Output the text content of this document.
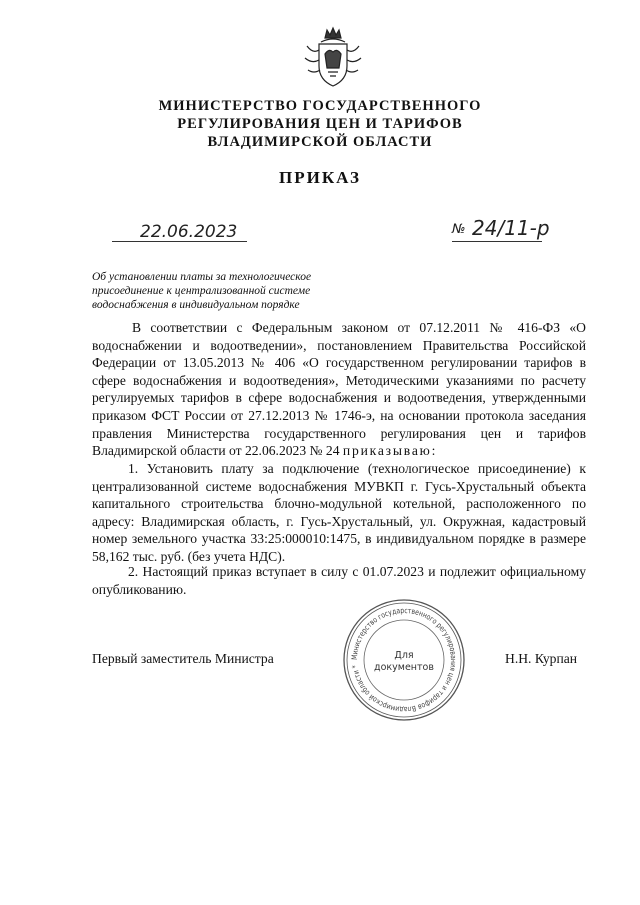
МИНИСТЕРСТВО ГОСУДАРСТВЕННОГО
РЕГУЛИРОВАНИЯ ЦЕН И ТАРИФОВ
ВЛАДИМИРСКОЙ ОБЛАСТИ
ПРИКАЗ
22.06.2023	№ 24/11-р
Об установлении платы за технологическое
присоединение к централизованной системе
водоснабжения в индивидуальном порядке
В соответствии с Федеральным законом от 07.12.2011 № 416-ФЗ «О водоснабжении и водоотведении», постановлением Правительства Российской Федерации от 13.05.2013 № 406 «О государственном регулировании тарифов в сфере водоснабжения и водоотведения», Методическими указаниями по расчету регулируемых тарифов в сфере водоснабжения и водоотведения, утвержденными приказом ФСТ России от 27.12.2013 № 1746-э, на основании протокола заседания правления Министерства государственного регулирования цен и тарифов Владимирской области от 22.06.2023 № 24 приказываю:
1. Установить плату за подключение (технологическое присоединение) к централизованной системе водоснабжения МУВКП г. Гусь-Хрустальный объекта капитального строительства блочно-модульной котельной, расположенного по адресу: Владимирская область, г. Гусь-Хрустальный, ул. Окружная, кадастровый номер земельного участка 33:25:000010:1475, в индивидуальном порядке в размере 58,162 тыс. руб. (без учета НДС).
2. Настоящий приказ вступает в силу с 01.07.2023 и подлежит официальному опубликованию.
Первый заместитель Министра	Н.Н. Курпан
Министерство государственного регулирования цен и тарифов Владимирской области *
Для
документов
